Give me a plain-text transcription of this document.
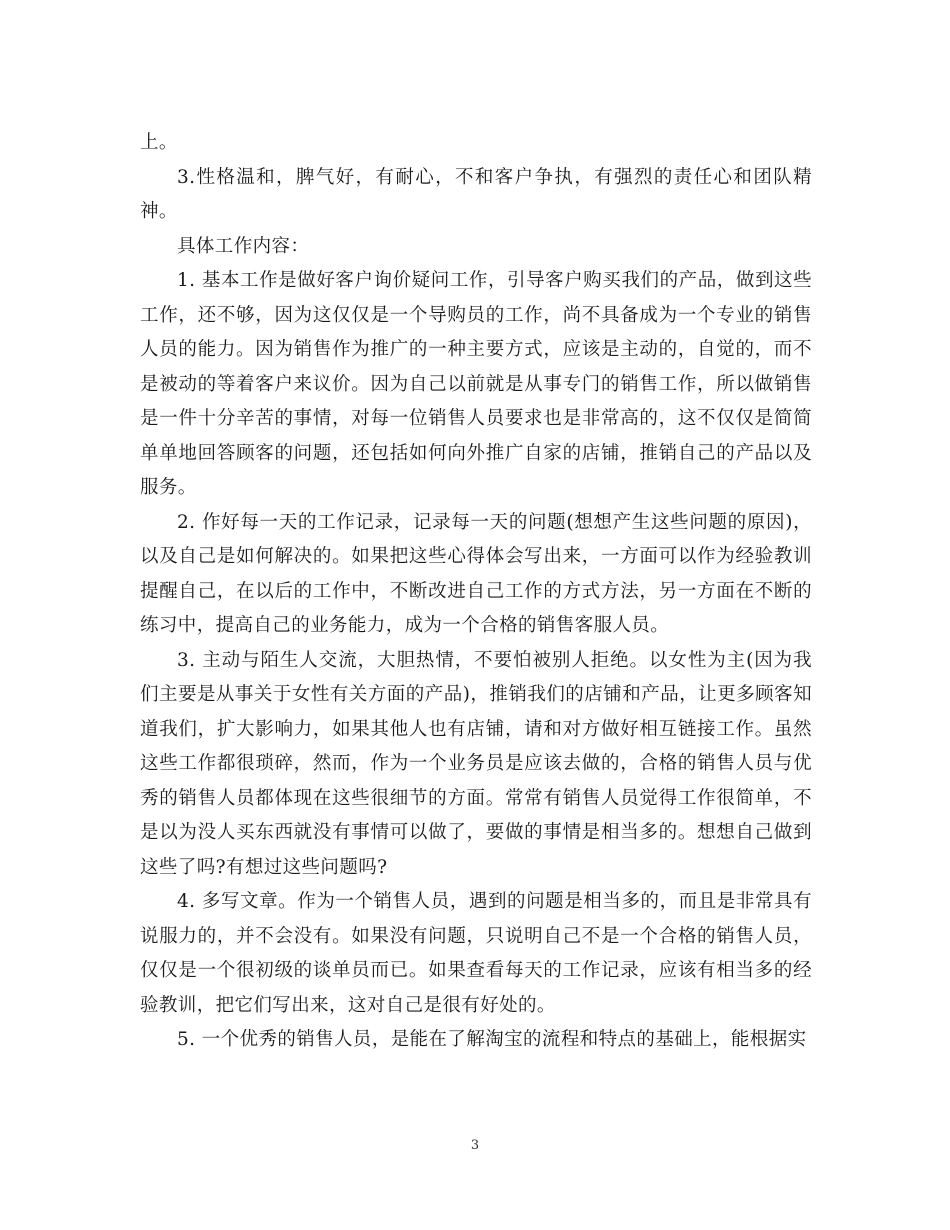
上。

3.性格温和，脾气好，有耐心，不和客户争执，有强烈的责任心和团队精神。

具体工作内容：

1. 基本工作是做好客户询价疑问工作，引导客户购买我们的产品，做到这些工作，还不够，因为这仅仅是一个导购员的工作，尚不具备成为一个专业的销售人员的能力。因为销售作为推广的一种主要方式，应该是主动的，自觉的，而不是被动的等着客户来议价。因为自己以前就是从事专门的销售工作，所以做销售是一件十分辛苦的事情，对每一位销售人员要求也是非常高的，这不仅仅是简简单单地回答顾客的问题，还包括如何向外推广自家的店铺，推销自己的产品以及服务。

2. 作好每一天的工作记录，记录每一天的问题(想想产生这些问题的原因)，以及自己是如何解决的。如果把这些心得体会写出来，一方面可以作为经验教训提醒自己，在以后的工作中，不断改进自己工作的方式方法，另一方面在不断的练习中，提高自己的业务能力，成为一个合格的销售客服人员。

3. 主动与陌生人交流，大胆热情，不要怕被别人拒绝。以女性为主(因为我们主要是从事关于女性有关方面的产品)，推销我们的店铺和产品，让更多顾客知道我们，扩大影响力，如果其他人也有店铺，请和对方做好相互链接工作。虽然这些工作都很琐碎，然而，作为一个业务员是应该去做的，合格的销售人员与优秀的销售人员都体现在这些很细节的方面。常常有销售人员觉得工作很简单，不是以为没人买东西就没有事情可以做了，要做的事情是相当多的。想想自己做到这些了吗?有想过这些问题吗?

4. 多写文章。作为一个销售人员，遇到的问题是相当多的，而且是非常具有说服力的，并不会没有。如果没有问题，只说明自己不是一个合格的销售人员，仅仅是一个很初级的谈单员而已。如果查看每天的工作记录，应该有相当多的经验教训，把它们写出来，这对自己是很有好处的。

5. 一个优秀的销售人员，是能在了解淘宝的流程和特点的基础上，能根据实

3
